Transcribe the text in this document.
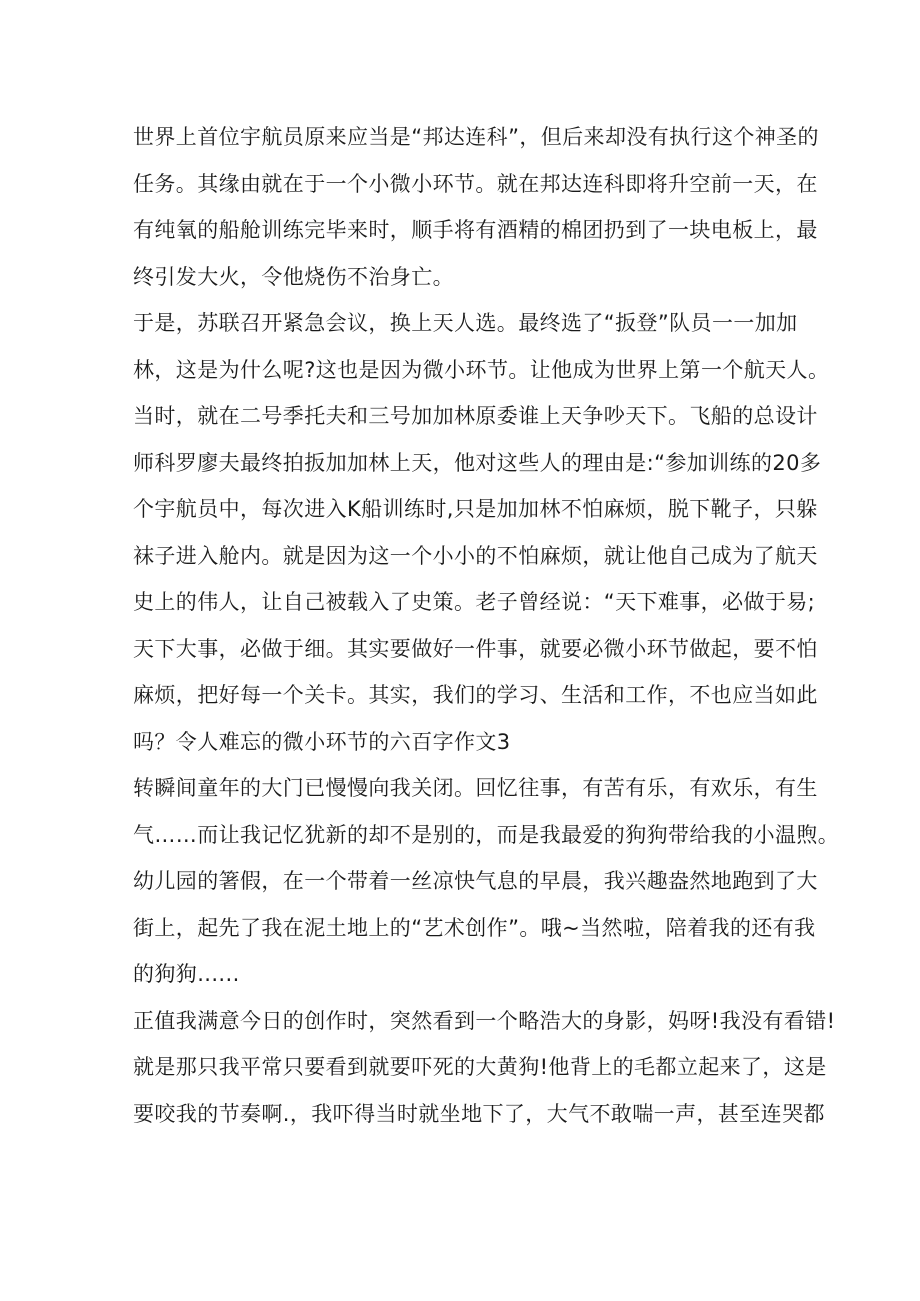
世界上首位宇航员原来应当是“邦达连科”，但后来却没有执行这个神圣的
任务。其缘由就在于一个小微小环节。就在邦达连科即将升空前一天，在
有纯氧的船舱训练完毕来时，顺手将有酒精的棉团扔到了一块电板上，最
终引发大火，令他烧伤不治身亡。
于是，苏联召开紧急会议，换上天人选。最终选了“扳登”队员一一加加
林，这是为什么呢?这也是因为微小环节。让他成为世界上第一个航天人。
当时，就在二号季托夫和三号加加林原委谁上天争吵天下。飞船的总设计
师科罗廖夫最终拍扳加加林上天，他对这些人的理由是:“参加训练的20多
个宇航员中，每次进入K船训练时,只是加加林不怕麻烦，脱下靴子，只躲
袜子进入舱内。就是因为这一个小小的不怕麻烦，就让他自己成为了航天
史上的伟人，让自己被载入了史策。老子曾经说：“天下难事，必做于易;
天下大事，必做于细。其实要做好一件事，就要必微小环节做起，要不怕
麻烦，把好每一个关卡。其实，我们的学习、生活和工作，不也应当如此
吗？令人难忘的微小环节的六百字作文3
转瞬间童年的大门已慢慢向我关闭。回忆往事，有苦有乐，有欢乐，有生
气……而让我记忆犹新的却不是别的，而是我最爱的狗狗带给我的小温煦。
幼儿园的箸假，在一个带着一丝凉快气息的早晨，我兴趣盎然地跑到了大
街上，起先了我在泥土地上的“艺术创作”。哦~当然啦，陪着我的还有我
的狗狗......
正值我满意今日的创作时，突然看到一个略浩大的身影，妈呀!我没有看错!
就是那只我平常只要看到就要吓死的大黄狗!他背上的毛都立起来了，这是
要咬我的节奏啊.，我吓得当时就坐地下了，大气不敢喘一声，甚至连哭都
